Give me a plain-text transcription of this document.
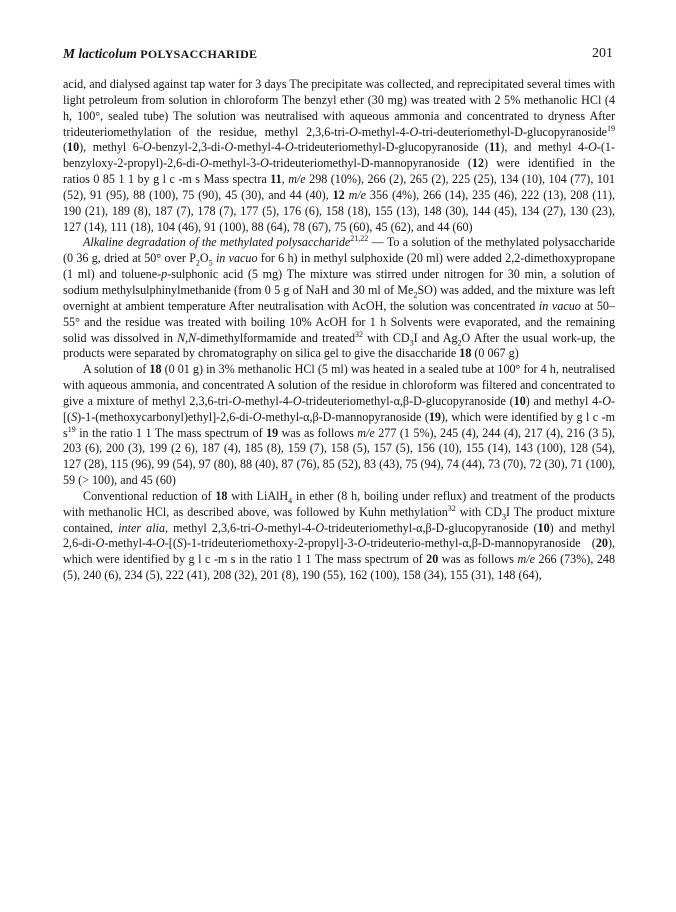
M lacticolum POLYSACCHARIDE	201

acid, and dialysed against tap water for 3 days The precipitate was collected, and reprecipitated several times with light petroleum from solution in chloroform The benzyl ether (30 mg) was treated with 2 5% methanolic HCl (4 h, 100°, sealed tube) The solution was neutralised with aqueous ammonia and concentrated to dryness After trideuteriomethylation of the residue, methyl 2,3,6-tri-O-methyl-4-O-tri-deuteriomethyl-D-glucopyranoside$^{19}$ (10), methyl 6-O-benzyl-2,3-di-O-methyl-4-O-trideuteriomethyl-D-glucopyranoside (11), and methyl 4-O-(1-benzyloxy-2-propyl)-2,6-di-O-methyl-3-O-trideuteriomethyl-D-mannopyranoside (12) were identified in the ratios 0 85 1 1 by g l c -m s Mass spectra 11, m/e 298 (10%), 266 (2), 265 (2), 225 (25), 134 (10), 104 (77), 101 (52), 91 (95), 88 (100), 75 (90), 45 (30), and 44 (40), 12 m/e 356 (4%), 266 (14), 235 (46), 222 (13), 208 (11), 190 (21), 189 (8), 187 (7), 178 (7), 177 (5), 176 (6), 158 (18), 155 (13), 148 (30), 144 (45), 134 (27), 130 (23), 127 (14), 111 (18), 104 (46), 91 (100), 88 (64), 78 (67), 75 (60), 45 (62), and 44 (60)

Alkaline degradation of the methylated polysaccharide$^{21,22}$ — To a solution of the methylated polysaccharide (0 36 g, dried at 50° over $P_2O_5$ in vacuo for 6 h) in methyl sulphoxide (20 ml) were added 2,2-dimethoxypropane (1 ml) and toluene-p-sulphonic acid (5 mg) The mixture was stirred under nitrogen for 30 min, a solution of sodium methylsulphinylmethanide (from 0 5 g of NaH and 30 ml of $Me_2SO$) was added, and the mixture was left overnight at ambient temperature After neutralisation with AcOH, the solution was concentrated in vacuo at 50–55° and the residue was treated with boiling 10% AcOH for 1 h Solvents were evaporated, and the remaining solid was dissolved in N,N-dimethylformamide and treated$^{32}$ with $CD_3I$ and $Ag_2O$ After the usual work-up, the products were separated by chromatography on silica gel to give the disaccharide 18 (0 067 g)

A solution of 18 (0 01 g) in 3% methanolic HCl (5 ml) was heated in a sealed tube at 100° for 4 h, neutralised with aqueous ammonia, and concentrated A solution of the residue in chloroform was filtered and concentrated to give a mixture of methyl 2,3,6-tri-O-methyl-4-O-trideuteriomethyl-α,β-D-glucopyranoside (10) and methyl 4-O-[(S)-1-(methoxycarbonyl)ethyl]-2,6-di-O-methyl-α,β-D-mannopyranoside (19), which were identified by g l c -m $s^{19}$ in the ratio 1 1 The mass spectrum of 19 was as follows m/e 277 (1 5%), 245 (4), 244 (4), 217 (4), 216 (3 5), 203 (6), 200 (3), 199 (2 6), 187 (4), 185 (8), 159 (7), 158 (5), 157 (5), 156 (10), 155 (14), 143 (100), 128 (54), 127 (28), 115 (96), 99 (54), 97 (80), 88 (40), 87 (76), 85 (52), 83 (43), 75 (94), 74 (44), 73 (70), 72 (30), 71 (100), 59 (> 100), and 45 (60)

Conventional reduction of 18 with LiAlH$_4$ in ether (8 h, boiling under reflux) and treatment of the products with methanolic HCl, as described above, was followed by Kuhn methylation$^{32}$ with $CD_3I$ The product mixture contained, inter alia, methyl 2,3,6-tri-O-methyl-4-O-trideuteriomethyl-α,β-D-glucopyranoside (10) and methyl 2,6-di-O-methyl-4-O-[(S)-1-trideuteriomethoxy-2-propyl]-3-O-trideuterio-methyl-α,β-D-mannopyranoside (20), which were identified by g l c -m s in the ratio 1 1 The mass spectrum of 20 was as follows m/e 266 (73%), 248 (5), 240 (6), 234 (5), 222 (41), 208 (32), 201 (8), 190 (55), 162 (100), 158 (34), 155 (31), 148 (64),
